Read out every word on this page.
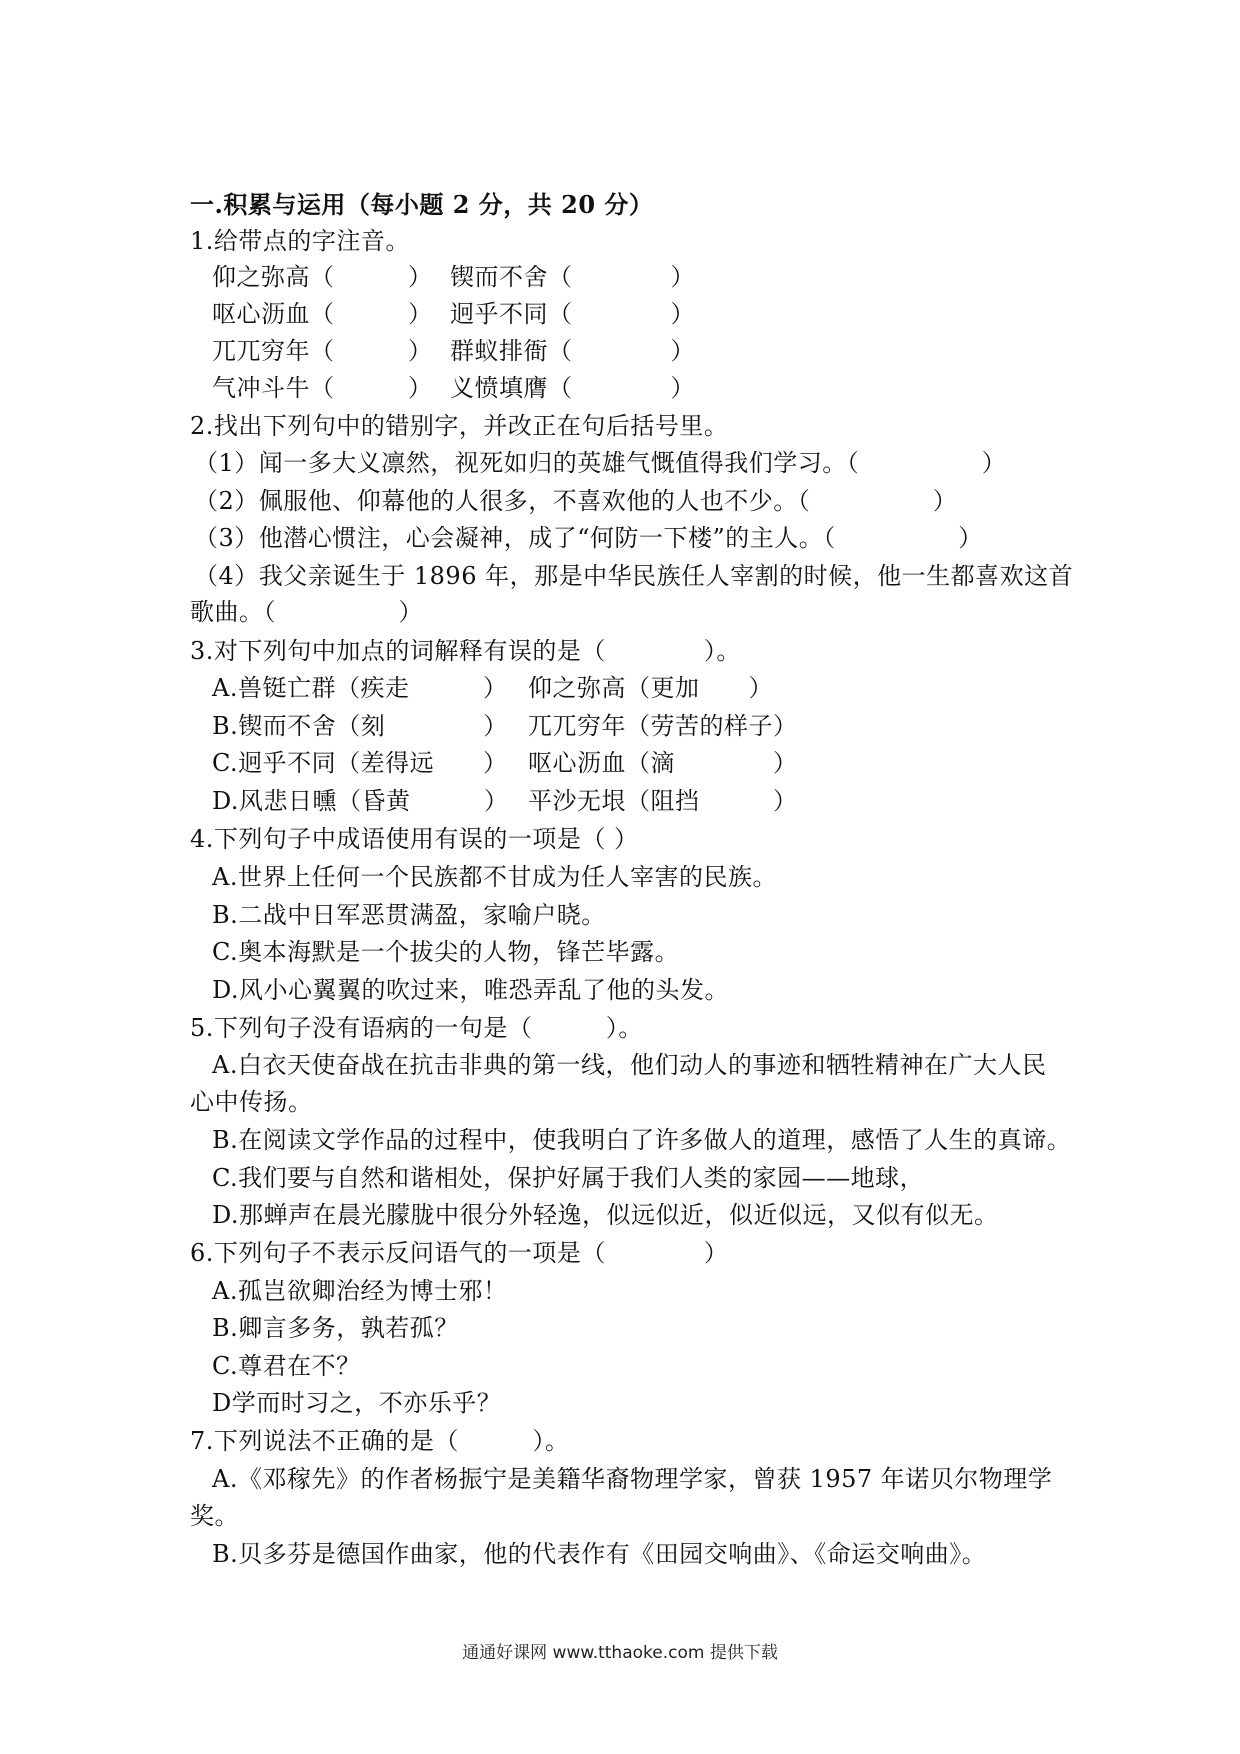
一.积累与运用（每小题 2 分，共 20 分）
1.给带点的字注音。
仰之弥高（　　　） 锲而不舍（　　　　）
呕心沥血（　　　） 迥乎不同（　　　　）
兀兀穷年（　　　） 群蚁排衙（　　　　）
气冲斗牛（　　　） 义愤填膺（　　　　）
2.找出下列句中的错别字，并改正在句后括号里。
（1）闻一多大义凛然，视死如归的英雄气慨值得我们学习。（　　　　　）
（2）佩服他、仰幕他的人很多，不喜欢他的人也不少。（　　　　　）
（3）他潜心惯注，心会凝神，成了“何防一下楼”的主人。（　　　　　）
（4）我父亲诞生于 1896 年，那是中华民族任人宰割的时候，他一生都喜欢这首
歌曲。（　　　　　）
3.对下列句中加点的词解释有误的是（　　　　）。
A.兽铤亡群（疾走　　　） 仰之弥高（更加　　）
B.锲而不舍（刻　　　　） 兀兀穷年（劳苦的样子）
C.迥乎不同（差得远　　） 呕心沥血（滴　　　　）
D.风悲日曛（昏黄　　　） 平沙无垠（阻挡　　　）
4.下列句子中成语使用有误的一项是（ ）
A.世界上任何一个民族都不甘成为任人宰害的民族。
B.二战中日军恶贯满盈，家喻户晓。
C.奥本海默是一个拔尖的人物，锋芒毕露。
D.风小心翼翼的吹过来，唯恐弄乱了他的头发。
5.下列句子没有语病的一句是（　　　）。
A.白衣天使奋战在抗击非典的第一线，他们动人的事迹和牺牲精神在广大人民
心中传扬。
B.在阅读文学作品的过程中，使我明白了许多做人的道理，感悟了人生的真谛。
C.我们要与自然和谐相处，保护好属于我们人类的家园——地球，
D.那蝉声在晨光朦胧中很分外轻逸，似远似近，似近似远，又似有似无。
6.下列句子不表示反问语气的一项是（　　　　）
A.孤岂欲卿治经为博士邪！
B.卿言多务，孰若孤？
C.尊君在不？
D学而时习之，不亦乐乎？
7.下列说法不正确的是（　　　）。
A.《邓稼先》的作者杨振宁是美籍华裔物理学家，曾获 1957 年诺贝尔物理学
奖。
B.贝多芬是德国作曲家，他的代表作有《田园交响曲》、《命运交响曲》。
通通好课网 www.tthaoke.com 提供下载
